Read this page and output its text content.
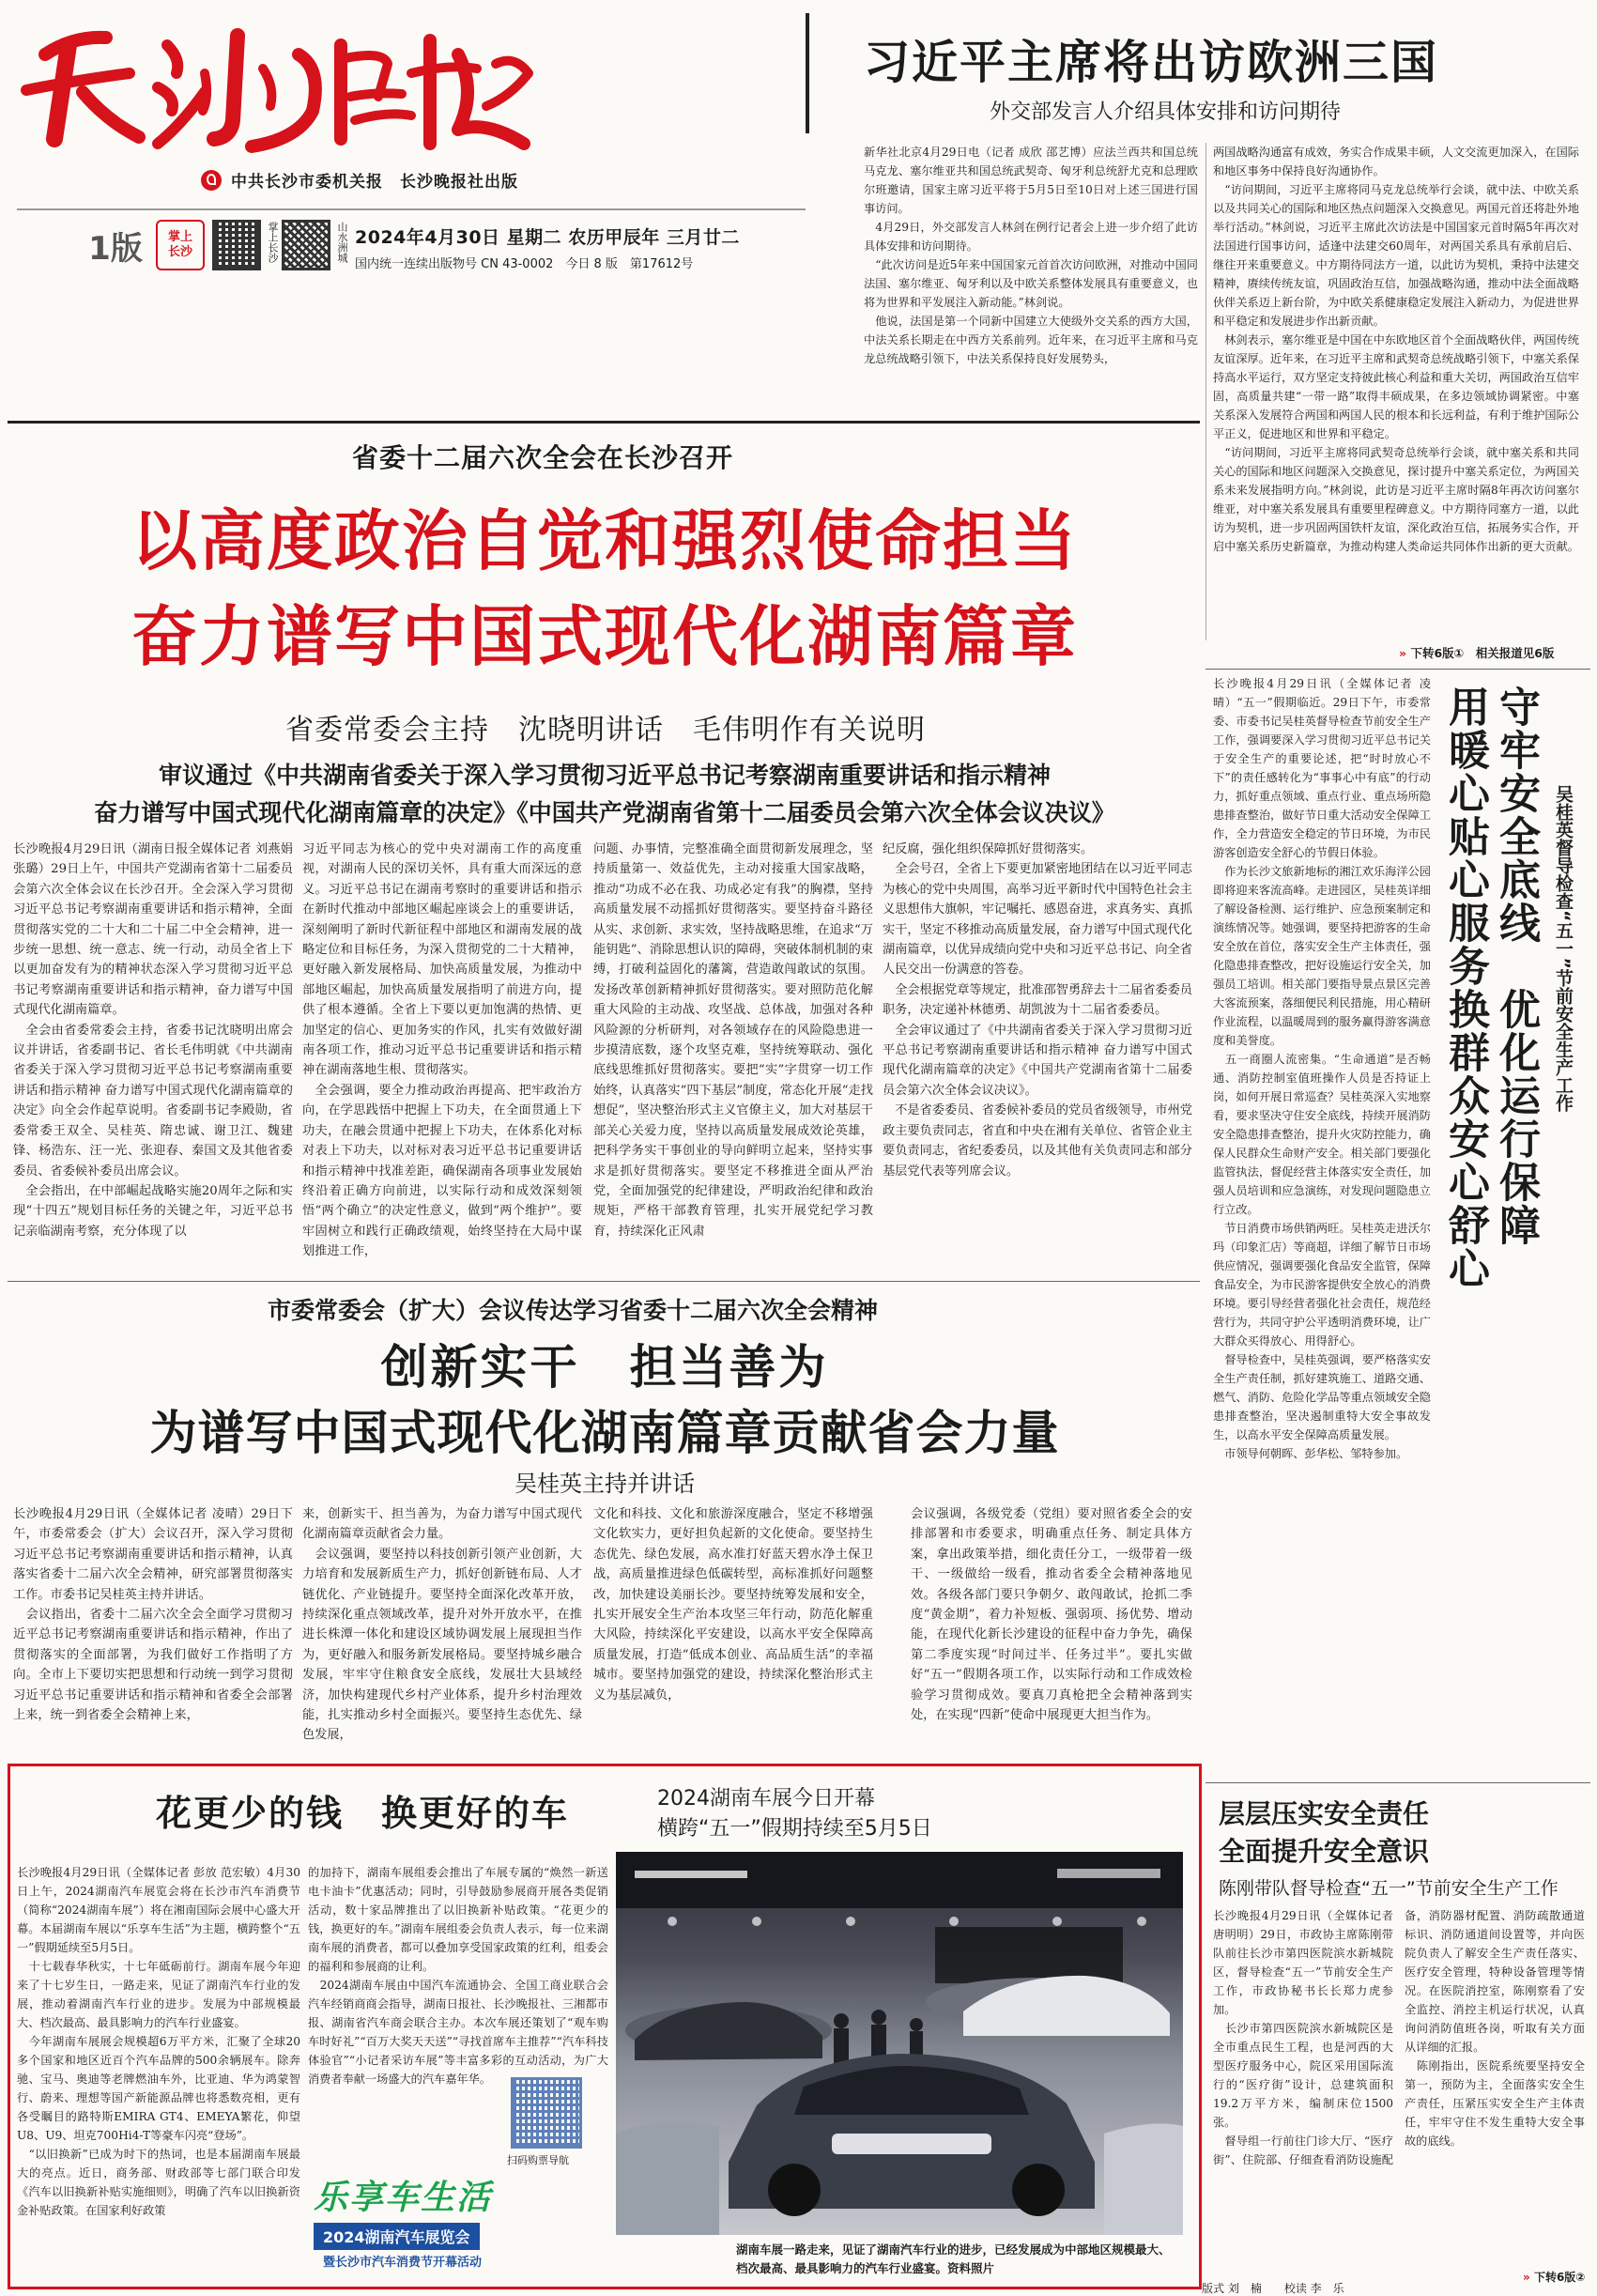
中共长沙市委机关报　长沙晚报社出版
1版	掌上长沙	掌上长沙	山水洲城 2024年4月30日 星期二 农历甲辰年 三月廿二
国内统一连续出版物号 CN 43-0002　今日 8 版　第17612号
习近平主席将出访欧洲三国
外交部发言人介绍具体安排和访问期待
新华社北京4月29日电（记者 成欣 邵艺博）应法兰西共和国总统马克龙、塞尔维亚共和国总统武契奇、匈牙利总统舒尤克和总理欧尔班邀请，国家主席习近平将于5月5日至10日对上述三国进行国事访问。
　4月29日，外交部发言人林剑在例行记者会上进一步介绍了此访具体安排和访问期待。
　“此次访问是近5年来中国国家元首首次访问欧洲，对推动中国同法国、塞尔维亚、匈牙利以及中欧关系整体发展具有重要意义，也将为世界和平发展注入新动能。”林剑说。
　他说，法国是第一个同新中国建立大使级外交关系的西方大国，中法关系长期走在中西方关系前列。近年来，在习近平主席和马克龙总统战略引领下，中法关系保持良好发展势头，
两国战略沟通富有成效，务实合作成果丰硕，人文交流更加深入，在国际和地区事务中保持良好沟通协作。
　“访问期间，习近平主席将同马克龙总统举行会谈，就中法、中欧关系以及共同关心的国际和地区热点问题深入交换意见。两国元首还将赴外地举行活动。”林剑说，习近平主席此次访法是中国国家元首时隔5年再次对法国进行国事访问，适逢中法建交60周年，对两国关系具有承前启后、继往开来重要意义。中方期待同法方一道，以此访为契机，秉持中法建交精神，赓续传统友谊，巩固政治互信，加强战略沟通，推动中法全面战略伙伴关系迈上新台阶，为中欧关系健康稳定发展注入新动力，为促进世界和平稳定和发展进步作出新贡献。
　林剑表示，塞尔维亚是中国在中东欧地区首个全面战略伙伴，两国传统友谊深厚。近年来，在习近平主席和武契奇总统战略引领下，中塞关系保持高水平运行，双方坚定支持彼此核心利益和重大关切，两国政治互信牢固，高质量共建“一带一路”取得丰硕成果，在多边领域协调紧密。中塞关系深入发展符合两国和两国人民的根本和长远利益，有利于维护国际公平正义，促进地区和世界和平稳定。
　“访问期间，习近平主席将同武契奇总统举行会谈，就中塞关系和共同关心的国际和地区问题深入交换意见，探讨提升中塞关系定位，为两国关系未来发展指明方向。”林剑说，此访是习近平主席时隔8年再次访问塞尔维亚，对中塞关系发展具有重要里程碑意义。中方期待同塞方一道，以此访为契机，进一步巩固两国铁杆友谊，深化政治互信，拓展务实合作，开启中塞关系历史新篇章，为推动构建人类命运共同体作出新的更大贡献。
» 下转6版①　相关报道见6版
省委十二届六次全会在长沙召开
以高度政治自觉和强烈使命担当
奋力谱写中国式现代化湖南篇章
省委常委会主持　沈晓明讲话　毛伟明作有关说明
审议通过《中共湖南省委关于深入学习贯彻习近平总书记考察湖南重要讲话和指示精神
奋力谱写中国式现代化湖南篇章的决定》《中国共产党湖南省第十二届委员会第六次全体会议决议》
长沙晚报4月29日讯（湖南日报全媒体记者 刘燕娟 张璐）29日上午，中国共产党湖南省第十二届委员会第六次全体会议在长沙召开。全会深入学习贯彻习近平总书记考察湖南重要讲话和指示精神，全面贯彻落实党的二十大和二十届二中全会精神，进一步统一思想、统一意志、统一行动，动员全省上下以更加奋发有为的精神状态深入学习贯彻习近平总书记考察湖南重要讲话和指示精神，奋力谱写中国式现代化湖南篇章。
　全会由省委常委会主持，省委书记沈晓明出席会议并讲话，省委副书记、省长毛伟明就《中共湖南省委关于深入学习贯彻习近平总书记考察湖南重要讲话和指示精神 奋力谱写中国式现代化湖南篇章的决定》向全会作起草说明。省委副书记李殿勋，省委常委王双全、吴桂英、隋忠诚、谢卫江、魏建锋、杨浩东、汪一光、张迎春、秦国文及其他省委委员、省委候补委员出席会议。
　全会指出，在中部崛起战略实施20周年之际和实现“十四五”规划目标任务的关键之年，习近平总书记亲临湖南考察，充分体现了以
习近平同志为核心的党中央对湖南工作的高度重视，对湖南人民的深切关怀，具有重大而深远的意义。习近平总书记在湖南考察时的重要讲话和指示在新时代推动中部地区崛起座谈会上的重要讲话，深刻阐明了新时代新征程中部地区和湖南发展的战略定位和目标任务，为深入贯彻党的二十大精神，更好融入新发展格局、加快高质量发展，为推动中部地区崛起，加快高质量发展指明了前进方向，提供了根本遵循。全省上下要以更加饱满的热情、更加坚定的信心、更加务实的作风，扎实有效做好湖南各项工作，推动习近平总书记重要讲话和指示精神在湖南落地生根、贯彻落实。
　全会强调，要全力推动政治再提高、把牢政治方向，在学思践悟中把握上下功夫，在全面贯通上下功夫，在融会贯通中把握上下功夫，在体系化对标对表上下功夫，以对标对表习近平总书记重要讲话和指示精神中找准差距，确保湖南各项事业发展始终沿着正确方向前进，以实际行动和成效深刻领悟“两个确立”的决定性意义，做到“两个维护”。要牢固树立和践行正确政绩观，始终坚持在大局中谋划推进工作，
问题、办事情，完整准确全面贯彻新发展理念，坚持质量第一、效益优先，主动对接重大国家战略，推动“功成不必在我、功成必定有我”的胸襟，坚持高质量发展不动摇抓好贯彻落实。要坚持奋斗路径从实、求创新、求实效，坚持战略思维，在追求“万能钥匙”、消除思想认识的障碍，突破体制机制的束缚，打破利益固化的藩篱，营造敢闯敢试的氛围。发扬改革创新精神抓好贯彻落实。要对照防范化解重大风险的主动战、攻坚战、总体战，加强对各种风险源的分析研判，对各领域存在的风险隐患进一步摸清底数，逐个攻坚克难，坚持统筹联动、强化底线思维抓好贯彻落实。要把“实”字贯穿一切工作始终，认真落实“四下基层”制度，常态化开展“走找想促”，坚决整治形式主义官僚主义，加大对基层干部关心关爱力度，坚持以高质量发展成效论英雄，把科学务实干事创业的导向鲜明立起来，坚持实事求是抓好贯彻落实。要坚定不移推进全面从严治党，全面加强党的纪律建设，严明政治纪律和政治规矩，严格干部教育管理，扎实开展党纪学习教育，持续深化正风肃
纪反腐，强化组织保障抓好贯彻落实。
　全会号召，全省上下要更加紧密地团结在以习近平同志为核心的党中央周围，高举习近平新时代中国特色社会主义思想伟大旗帜，牢记嘱托、感恩奋进，求真务实、真抓实干，坚定不移推动高质量发展，奋力谱写中国式现代化湖南篇章，以优异成绩向党中央和习近平总书记、向全省人民交出一份满意的答卷。
　全会根据党章等规定，批准邵智勇辞去十二届省委委员职务，决定递补林德勇、胡凯波为十二届省委委员。
　全会审议通过了《中共湖南省委关于深入学习贯彻习近平总书记考察湖南重要讲话和指示精神 奋力谱写中国式现代化湖南篇章的决定》《中国共产党湖南省第十二届委员会第六次全体会议决议》。
　不是省委委员、省委候补委员的党员省级领导，市州党政主要负责同志，省直和中央在湘有关单位、省管企业主要负责同志，省纪委委员，以及其他有关负责同志和部分基层党代表等列席会议。
市委常委会（扩大）会议传达学习省委十二届六次全会精神
创新实干　担当善为
为谱写中国式现代化湖南篇章贡献省会力量
吴桂英主持并讲话
长沙晚报4月29日讯（全媒体记者 凌晴）29日下午，市委常委会（扩大）会议召开，深入学习贯彻习近平总书记考察湖南重要讲话和指示精神，认真落实省委十二届六次全会精神，研究部署贯彻落实工作。市委书记吴桂英主持并讲话。
　会议指出，省委十二届六次全会全面学习贯彻习近平总书记考察湖南重要讲话和指示精神，作出了贯彻落实的全面部署，为我们做好工作指明了方向。全市上下要切实把思想和行动统一到学习贯彻习近平总书记重要讲话和指示精神和省委全会部署上来，统一到省委全会精神上来，
来，创新实干、担当善为，为奋力谱写中国式现代化湖南篇章贡献省会力量。
　会议强调，要坚持以科技创新引领产业创新，大力培育和发展新质生产力，抓好创新链布局、人才链优化、产业链提升。要坚持全面深化改革开放，持续深化重点领域改革，提升对外开放水平，在推进长株潭一体化和建设区域协调发展上展现担当作为，更好融入和服务新发展格局。要坚持城乡融合发展，牢牢守住粮食安全底线，发展壮大县域经济，加快构建现代乡村产业体系，提升乡村治理效能，扎实推动乡村全面振兴。要坚持生态优先、绿色发展，
文化和科技、文化和旅游深度融合，坚定不移增强文化软实力，更好担负起新的文化使命。要坚持生态优先、绿色发展，高水准打好蓝天碧水净土保卫战，高质量推进绿色低碳转型，高标准抓好问题整改，加快建设美丽长沙。要坚持统筹发展和安全，扎实开展安全生产治本攻坚三年行动，防范化解重大风险，持续深化平安建设，以高水平安全保障高质量发展，打造“低成本创业、高品质生活”的幸福城市。要坚持加强党的建设，持续深化整治形式主义为基层减负，
会议强调，各级党委（党组）要对照省委全会的安排部署和市委要求，明确重点任务、制定具体方案，拿出政策举措，细化责任分工，一级带着一级干、一级做给一级看，推动省委全会精神落地见效。各级各部门要只争朝夕、敢闯敢试，抢抓二季度“黄金期”，着力补短板、强弱项、扬优势、增动能，在现代化新长沙建设的征程中奋力争先，确保第二季度实现“时间过半、任务过半”。要扎实做好“五一”假期各项工作，以实际行动和工作成效检验学习贯彻成效。要真刀真枪把全会精神落到实处，在实现“四新”使命中展现更大担当作为。
长沙晚报4月29日讯（全媒体记者 凌晴）“五一”假期临近。29日下午，市委常委、市委书记吴桂英督导检查节前安全生产工作，强调要深入学习贯彻习近平总书记关于安全生产的重要论述，把“时时放心不下”的责任感转化为“事事心中有底”的行动力，抓好重点领域、重点行业、重点场所隐患排查整治，做好节日重大活动安全保障工作，全力营造安全稳定的节日环境，为市民游客创造安全舒心的节假日体验。
　作为长沙文旅新地标的湘江欢乐海洋公园即将迎来客流高峰。走进园区，吴桂英详细了解设备检测、运行维护、应急预案制定和演练情况等。她强调，要坚持把游客的生命安全放在首位，落实安全生产主体责任，强化隐患排查整改，把好设施运行安全关，加强员工培训。相关部门要指导景点景区完善大客流预案，落细便民利民措施，用心精研作业流程，以温暖周到的服务赢得游客满意度和美誉度。
　五一商圈人流密集。“生命通道”是否畅通、消防控制室值班操作人员是否持证上岗，如何开展日常巡查？吴桂英深入实地察看，要求坚决守住安全底线，持续开展消防安全隐患排查整治，提升火灾防控能力，确保人民群众生命财产安全。相关部门要强化监管执法，督促经营主体落实安全责任，加强人员培训和应急演练，对发现问题隐患立行立改。
　节日消费市场供销两旺。吴桂英走进沃尔玛（印象汇店）等商超，详细了解节日市场供应情况，强调要强化食品安全监管，保障食品安全，为市民游客提供安全放心的消费环境。要引导经营者强化社会责任，规范经营行为，共同守护公平透明消费环境，让广大群众买得放心、用得舒心。
　督导检查中，吴桂英强调，要严格落实安全生产责任制，抓好建筑施工、道路交通、燃气、消防、危险化学品等重点领域安全隐患排查整治，坚决遏制重特大安全事故发生，以高水平安全保障高质量发展。
　市领导何朝晖、彭华松、邹特参加。
用暖心贴心服务换群众安心舒心 守牢安全底线　优化运行保障 吴桂英督导检查“五一”节前安全生产工作
花更少的钱　换更好的车	2024湖南车展今日开幕
横跨“五一”假期持续至5月5日
长沙晚报4月29日讯（全媒体记者 彭放 范宏敏）4月30日上午，2024湖南汽车展览会将在长沙市汽车消费节（简称“2024湖南车展”）将在湘南国际会展中心盛大开幕。本届湖南车展以“乐享车生活”为主题，横跨整个“五一”假期延续至5月5日。
　十七载春华秋实，十七年砥砺前行。湖南车展今年迎来了十七岁生日，一路走来，见证了湖南汽车行业的发展，推动着湖南汽车行业的进步。发展为中部规模最大、档次最高、最具影响力的汽车行业盛宴。
　今年湖南车展展会规模超6万平方米，汇聚了全球20多个国家和地区近百个汽车品牌的500余辆展车。除奔驰、宝马、奥迪等老牌燃油车外，比亚迪、华为鸿蒙智行、蔚来、理想等国产新能源品牌也将悉数亮相，更有各受瞩目的路特斯EMIRA GT4、EMEYA繁花，仰望U8、U9、坦克700Hi4-T等豪车闪亮“登场”。
　“以旧换新”已成为时下的热词，也是本届湖南车展最大的亮点。近日，商务部、财政部等七部门联合印发《汽车以旧换新补贴实施细则》，明确了汽车以旧换新资金补贴政策。在国家利好政策
的加持下，湖南车展组委会推出了车展专属的“焕然一新送电卡油卡”优惠活动；同时，引导鼓励参展商开展各类促销活动，数十家品牌推出了以旧换新补贴政策。“花更少的钱，换更好的车。”湖南车展组委会负责人表示，每一位来湖南车展的消费者，都可以叠加享受国家政策的红利，组委会的福利和参展商的让利。
　2024湖南车展由中国汽车流通协会、全国工商业联合会汽车经销商商会指导，湖南日报社、长沙晚报社、三湘都市报、湖南省汽车商会联合主办。本次车展还策划了“观车购车时好礼”“百万大奖天天送”“寻找首席车主推荐”“汽车科技体验官”“小记者采访车展”等丰富多彩的互动活动，为广大消费者奉献一场盛大的汽车嘉年华。
扫码购票导航
乐享车生活
2024湖南汽车展览会
暨长沙市汽车消费节开幕活动
湖南车展一路走来，见证了湖南汽车行业的进步，已经发展成为中部地区规模最大、档次最高、最具影响力的汽车行业盛宴。资料照片
层层压实安全责任
全面提升安全意识
陈刚带队督导检查“五一”节前安全生产工作
长沙晚报4月29日讯（全媒体记者 唐明明）29日，市政协主席陈刚带队前往长沙市第四医院滨水新城院区，督导检查“五一”节前安全生产工作，市政协秘书长长郑力虎参加。
　长沙市第四医院滨水新城院区是全市重点民生工程，也是河西的大型医疗服务中心，院区采用国际流行的“医疗街”设计，总建筑面积19.2万平方米，编制床位1500张。
　督导组一行前往门诊大厅、“医疗街”、住院部、仔细查看消防设施配备，消防器材配置、消防疏散通道标识、消防通道间设置等，并向医院负责人了解安全生产责任落实、医疗安全管理，特种设备管理等情况。在医院消控室，陈刚察看了安全监控、消控主机运行状况，认真询问消防值班各岗，听取有关方面从详细的汇报。
　陈刚指出，医院系统要坚持安全第一，预防为主，全面落实安全生产责任，压紧压实安全生产主体责任，牢牢守住不发生重特大安全事故的底线。
» 下转6版②
版式 刘　楠　　校读 李　乐
